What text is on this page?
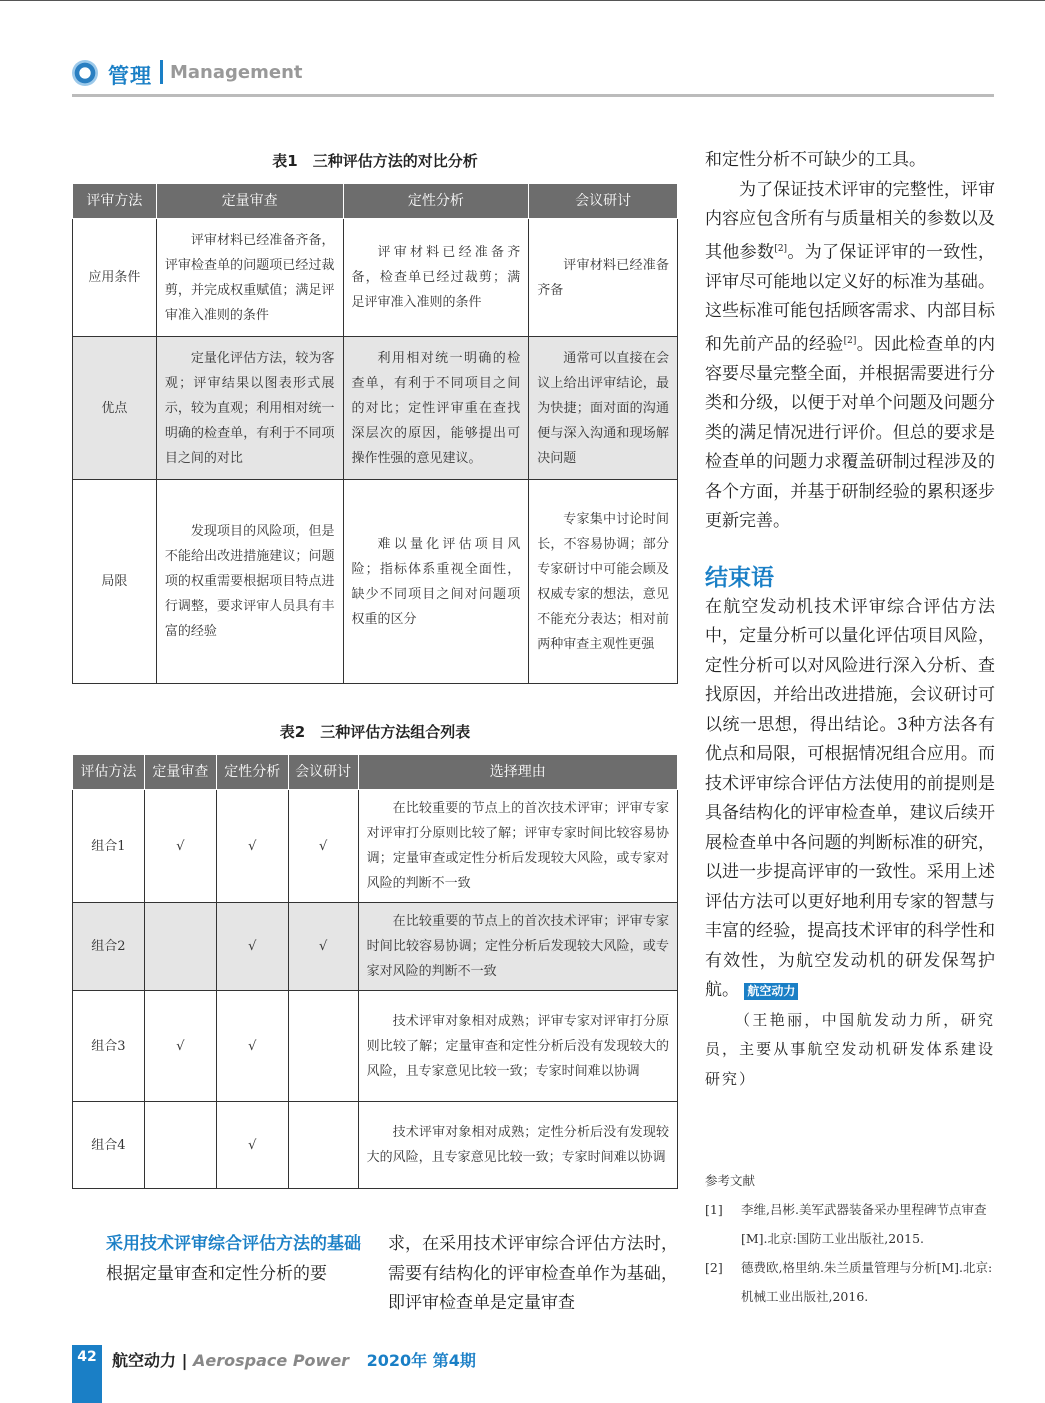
管理 Management
表1　三种评估方法的对比分析
评审方法	定量审查	定性分析	会议研讨
应用条件	评审材料已经准备齐备，评审检查单的问题项已经过裁剪，并完成权重赋值；满足评审准入准则的条件	评审材料已经准备齐备，检查单已经过裁剪；满足评审准入准则的条件	评审材料已经准备齐备
优点	定量化评估方法，较为客观；评审结果以图表形式展示，较为直观；利用相对统一明确的检查单，有利于不同项目之间的对比	利用相对统一明确的检查单，有利于不同项目之间的对比；定性评审重在查找深层次的原因，能够提出可操作性强的意见建议。	通常可以直接在会议上给出评审结论，最为快捷；面对面的沟通便与深入沟通和现场解决问题
局限	发现项目的风险项，但是不能给出改进措施建议；问题项的权重需要根据项目特点进行调整，要求评审人员具有丰富的经验	难以量化评估项目风险；指标体系重视全面性，缺少不同项目之间对问题项权重的区分	专家集中讨论时间长，不容易协调；部分专家研讨中可能会顾及权威专家的想法，意见不能充分表达；相对前两种审查主观性更强
表2　三种评估方法组合列表
评估方法	定量审查	定性分析	会议研讨	选择理由
组合1	√	√	√	在比较重要的节点上的首次技术评审；评审专家对评审打分原则比较了解；评审专家时间比较容易协调；定量审查或定性分析后发现较大风险，或专家对风险的判断不一致
组合2		√	√	在比较重要的节点上的首次技术评审；评审专家时间比较容易协调；定性分析后发现较大风险，或专家对风险的判断不一致
组合3	√	√		技术评审对象相对成熟；评审专家对评审打分原则比较了解；定量审查和定性分析后没有发现较大的风险，且专家意见比较一致；专家时间难以协调
组合4		√		技术评审对象相对成熟；定性分析后没有发现较大的风险，且专家意见比较一致；专家时间难以协调
采用技术评审综合评估方法的基础
根据定量审查和定性分析的要
求，在采用技术评审综合评估方法时，需要有结构化的评审检查单作为基础，即评审检查单是定量审查
和定性分析不可缺少的工具。
为了保证技术评审的完整性，评审内容应包含所有与质量相关的参数以及其他参数[2]。为了保证评审的一致性，评审尽可能地以定义好的标准为基础。这些标准可能包括顾客需求、内部目标和先前产品的经验[2]。因此检查单的内容要尽量完整全面，并根据需要进行分类和分级，以便于对单个问题及问题分类的满足情况进行评价。但总的要求是检查单的问题力求覆盖研制过程涉及的各个方面，并基于研制经验的累积逐步更新完善。
结束语
在航空发动机技术评审综合评估方法中，定量分析可以量化评估项目风险，定性分析可以对风险进行深入分析、查找原因，并给出改进措施，会议研讨可以统一思想，得出结论。3种方法各有优点和局限，可根据情况组合应用。而技术评审综合评估方法使用的前提则是具备结构化的评审检查单，建议后续开展检查单中各问题的判断标准的研究，以进一步提高评审的一致性。采用上述评估方法可以更好地利用专家的智慧与丰富的经验，提高技术评审的科学性和有效性，为航空发动机的研发保驾护航。 航空动力
（王艳丽，中国航发动力所，研究员，主要从事航空发动机研发体系建设研究）
参考文献
[1]	李维,吕彬.美军武器装备采办里程碑节点审查[M].北京:国防工业出版社,2015.
[2]	德费欧,格里纳.朱兰质量管理与分析[M].北京:机械工业出版社,2016.
42 航空动力 | Aerospace Power 2020年 第4期
